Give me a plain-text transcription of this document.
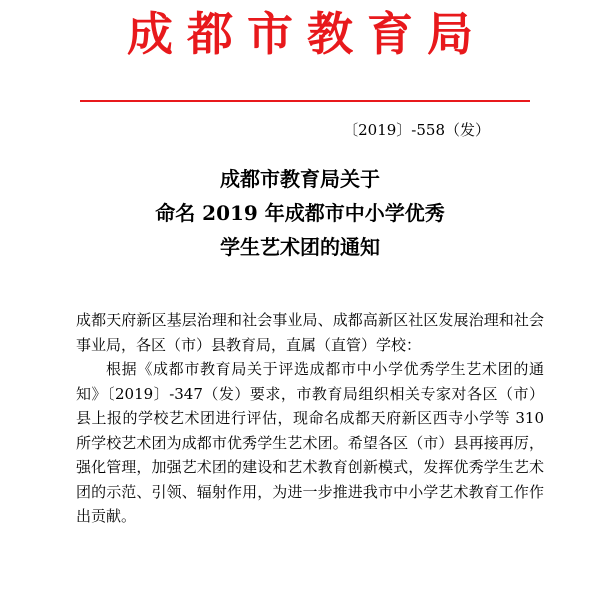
成都市教育局
〔2019〕-558（发）
成都市教育局关于
命名 2019 年成都市中小学优秀
学生艺术团的通知

成都天府新区基层治理和社会事业局、成都高新区社区发展治理和社会事业局，各区（市）县教育局，直属（直管）学校：

根据《成都市教育局关于评选成都市中小学优秀学生艺术团的通知》〔2019〕-347（发）要求，市教育局组织相关专家对各区（市）县上报的学校艺术团进行评估，现命名成都天府新区西寺小学等 310 所学校艺术团为成都市优秀学生艺术团。希望各区（市）县再接再厉，强化管理，加强艺术团的建设和艺术教育创新模式，发挥优秀学生艺术团的示范、引领、辐射作用，为进一步推进我市中小学艺术教育工作作出贡献。
